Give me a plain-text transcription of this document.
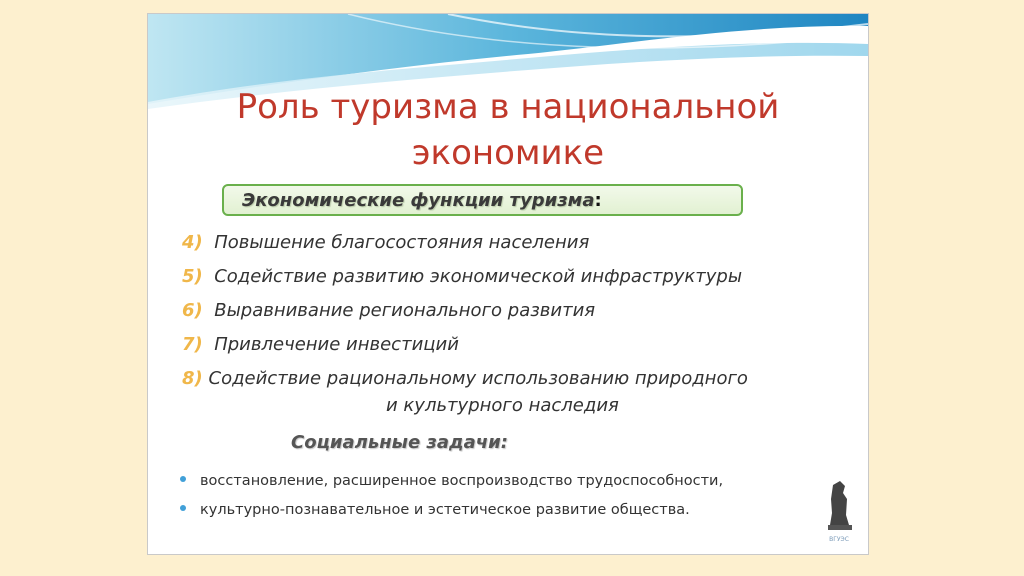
Роль туризма в национальной
экономике
Экономические функции туризма:
4) Повышение благосостояния населения
5) Содействие развитию экономической инфраструктуры
6) Выравнивание регионального развития
7) Привлечение инвестиций
8) Содействие рациональному использованию природного
и культурного наследия
Социальные задачи:
восстановление, расширенное воспроизводство трудоспособности,
культурно-познавательное и эстетическое развитие общества.
ВГУЭС
